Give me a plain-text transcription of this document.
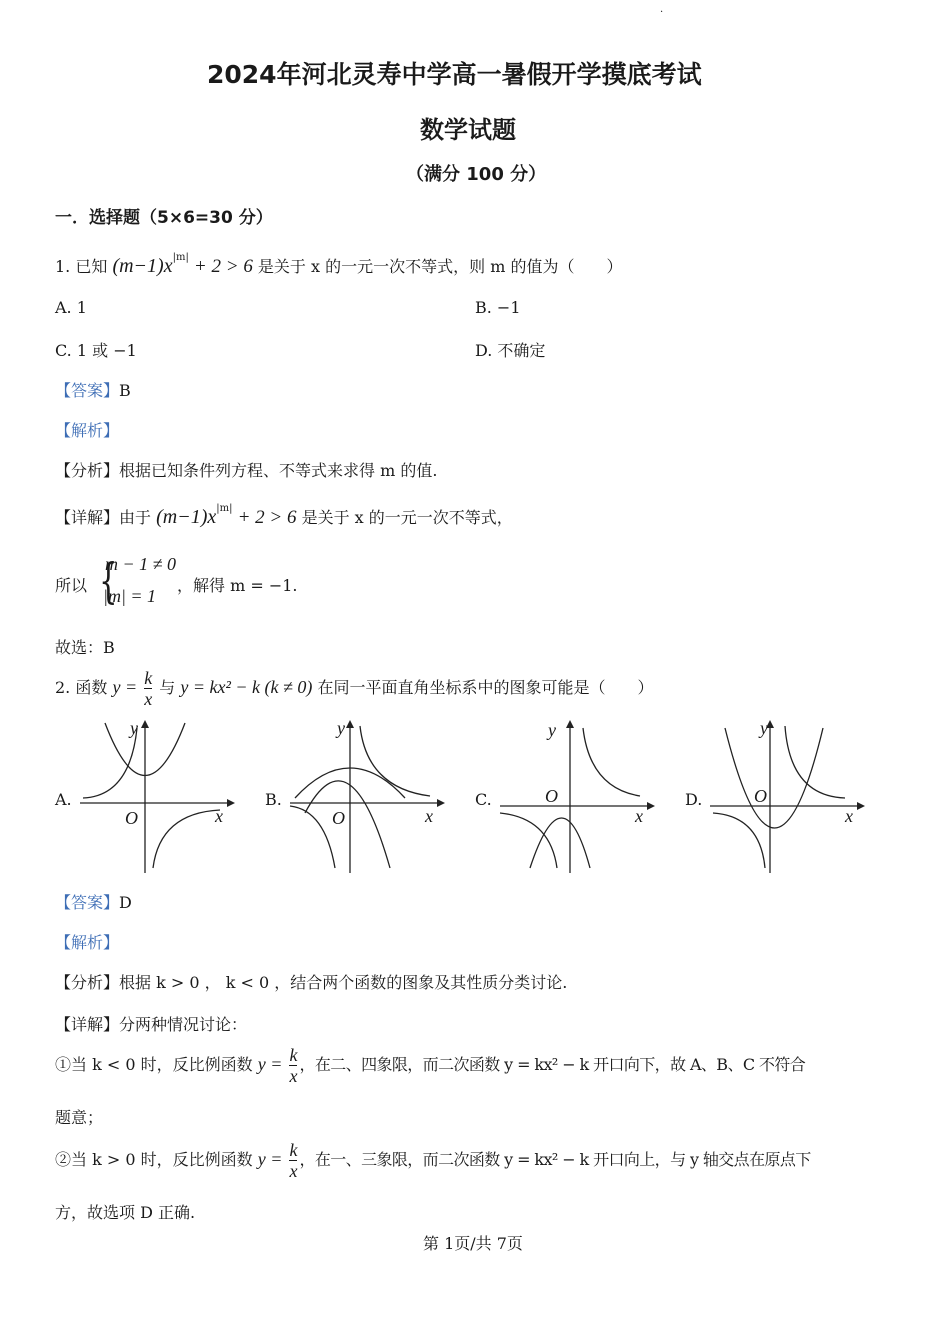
.
2024年河北灵寿中学高一暑假开学摸底考试
数学试题
（满分 100 分）
一．选择题（5×6=30 分）
1. 已知 $(m-1)x^{|m|} + 2 > 6$ 是关于 x 的一元一次不等式，则 m 的值为（　　）
A. 1	B. −1
C. 1 或 −1	D. 不确定
【答案】B
【解析】
【分析】根据已知条件列方程、不等式来求得 m 的值.
【详解】由于 $(m-1)x^{|m|} + 2 > 6$ 是关于 x 的一元一次不等式，
所以 {
m − 1 ≠ 0
|m| = 1
，解得 m = −1.
故选：B
2. 函数 $y = \frac{k}{x}$ 与 y = kx² − k (k ≠ 0) 在同一平面直角坐标系中的图象可能是（　　）
A.
y
x
O
B.
y
x
O
C.
y
x
O	D.
y
x
O
【答案】D
【解析】
【分析】根据 k > 0 ， k < 0 ，结合两个函数的图象及其性质分类讨论.
【详解】分两种情况讨论：
①当 k < 0 时，反比例函数 $y = \frac{k}{x}$ ，在二、四象限，而二次函数 y = kx² − k 开口向下，故 A、B、C 不符合
题意；
②当 k > 0 时，反比例函数 $y = \frac{k}{x}$ ，在一、三象限，而二次函数 y = kx² − k 开口向上，与 y 轴交点在原点下
方，故选项 D 正确.
第 1页/共 7页
